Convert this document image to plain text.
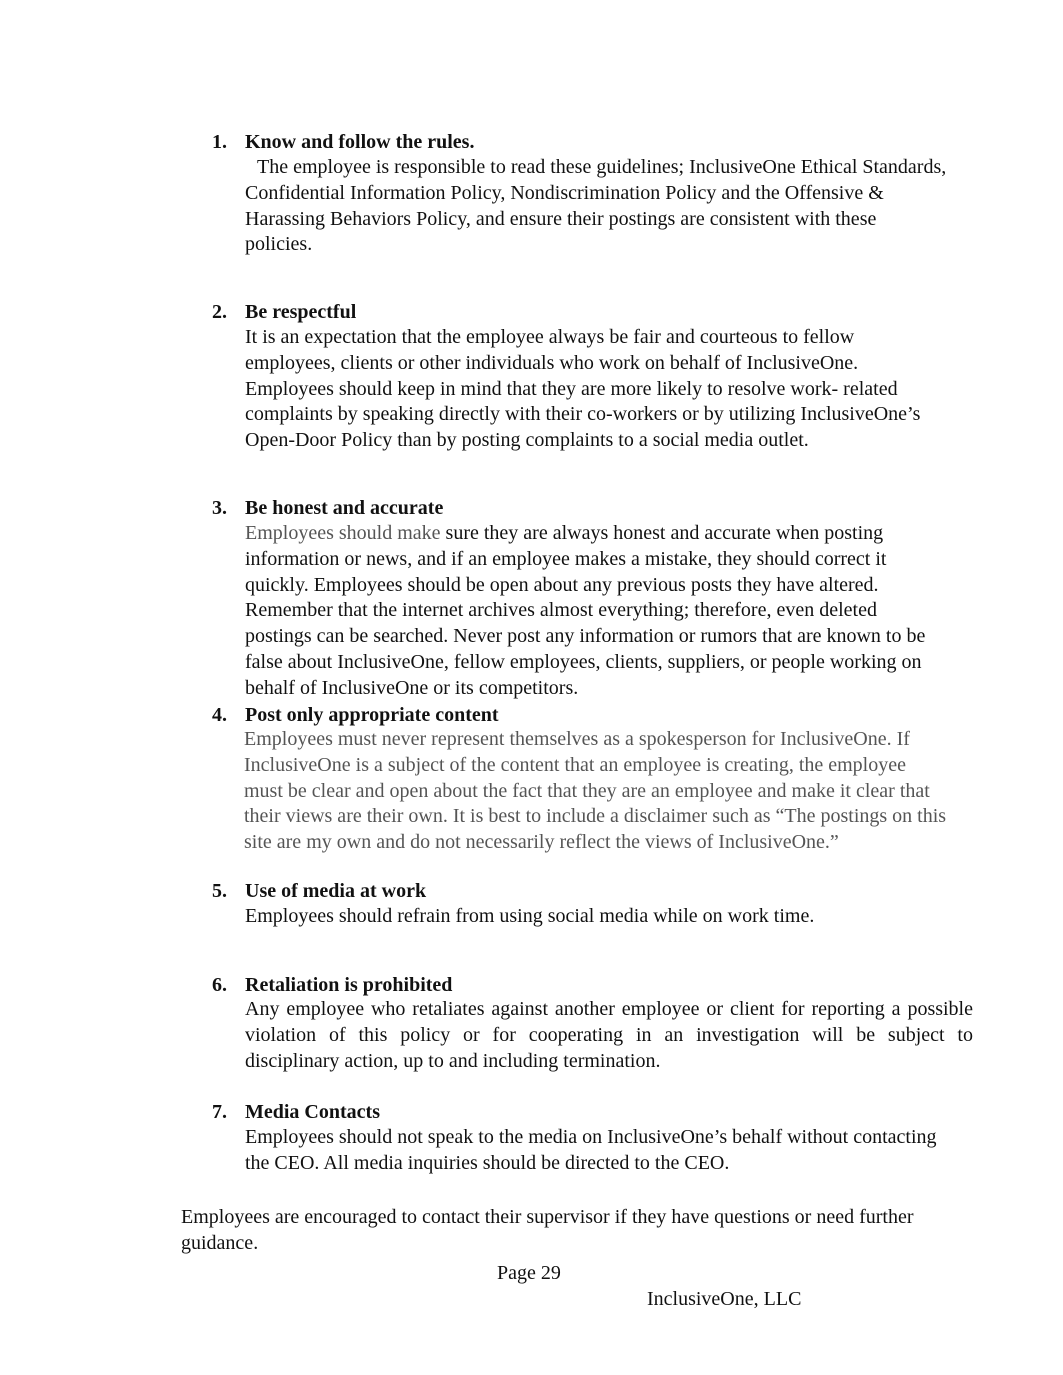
1. Know and follow the rules.

The employee is responsible to read these guidelines; InclusiveOne Ethical Standards,
Confidential Information Policy, Nondiscrimination Policy and the Offensive &
Harassing Behaviors Policy, and ensure their postings are consistent with these
policies.

2. Be respectful

It is an expectation that the employee always be fair and courteous to fellow
employees, clients or other individuals who work on behalf of InclusiveOne.
Employees should keep in mind that they are more likely to resolve work- related
complaints by speaking directly with their co-workers or by utilizing InclusiveOne’s
Open-Door Policy than by posting complaints to a social media outlet.

3. Be honest and accurate

Employees should make sure they are always honest and accurate when posting
information or news, and if an employee makes a mistake, they should correct it
quickly. Employees should be open about any previous posts they have altered.
Remember that the internet archives almost everything; therefore, even deleted
postings can be searched. Never post any information or rumors that are known to be
false about InclusiveOne, fellow employees, clients, suppliers, or people working on
behalf of InclusiveOne or its competitors.

4. Post only appropriate content

Employees must never represent themselves as a spokesperson for InclusiveOne. If
InclusiveOne is a subject of the content that an employee is creating, the employee
must be clear and open about the fact that they are an employee and make it clear that
their views are their own. It is best to include a disclaimer such as “The postings on this
site are my own and do not necessarily reflect the views of InclusiveOne.”

5. Use of media at work

Employees should refrain from using social media while on work time.

6. Retaliation is prohibited

Any employee who retaliates against another employee or client for reporting a possible
violation of this policy or for cooperating in an investigation will be subject to
disciplinary action, up to and including termination.

7. Media Contacts

Employees should not speak to the media on InclusiveOne’s behalf without contacting
the CEO. All media inquiries should be directed to the CEO.

Employees are encouraged to contact their supervisor if they have questions or need further
guidance.
Page 29
InclusiveOne, LLC
